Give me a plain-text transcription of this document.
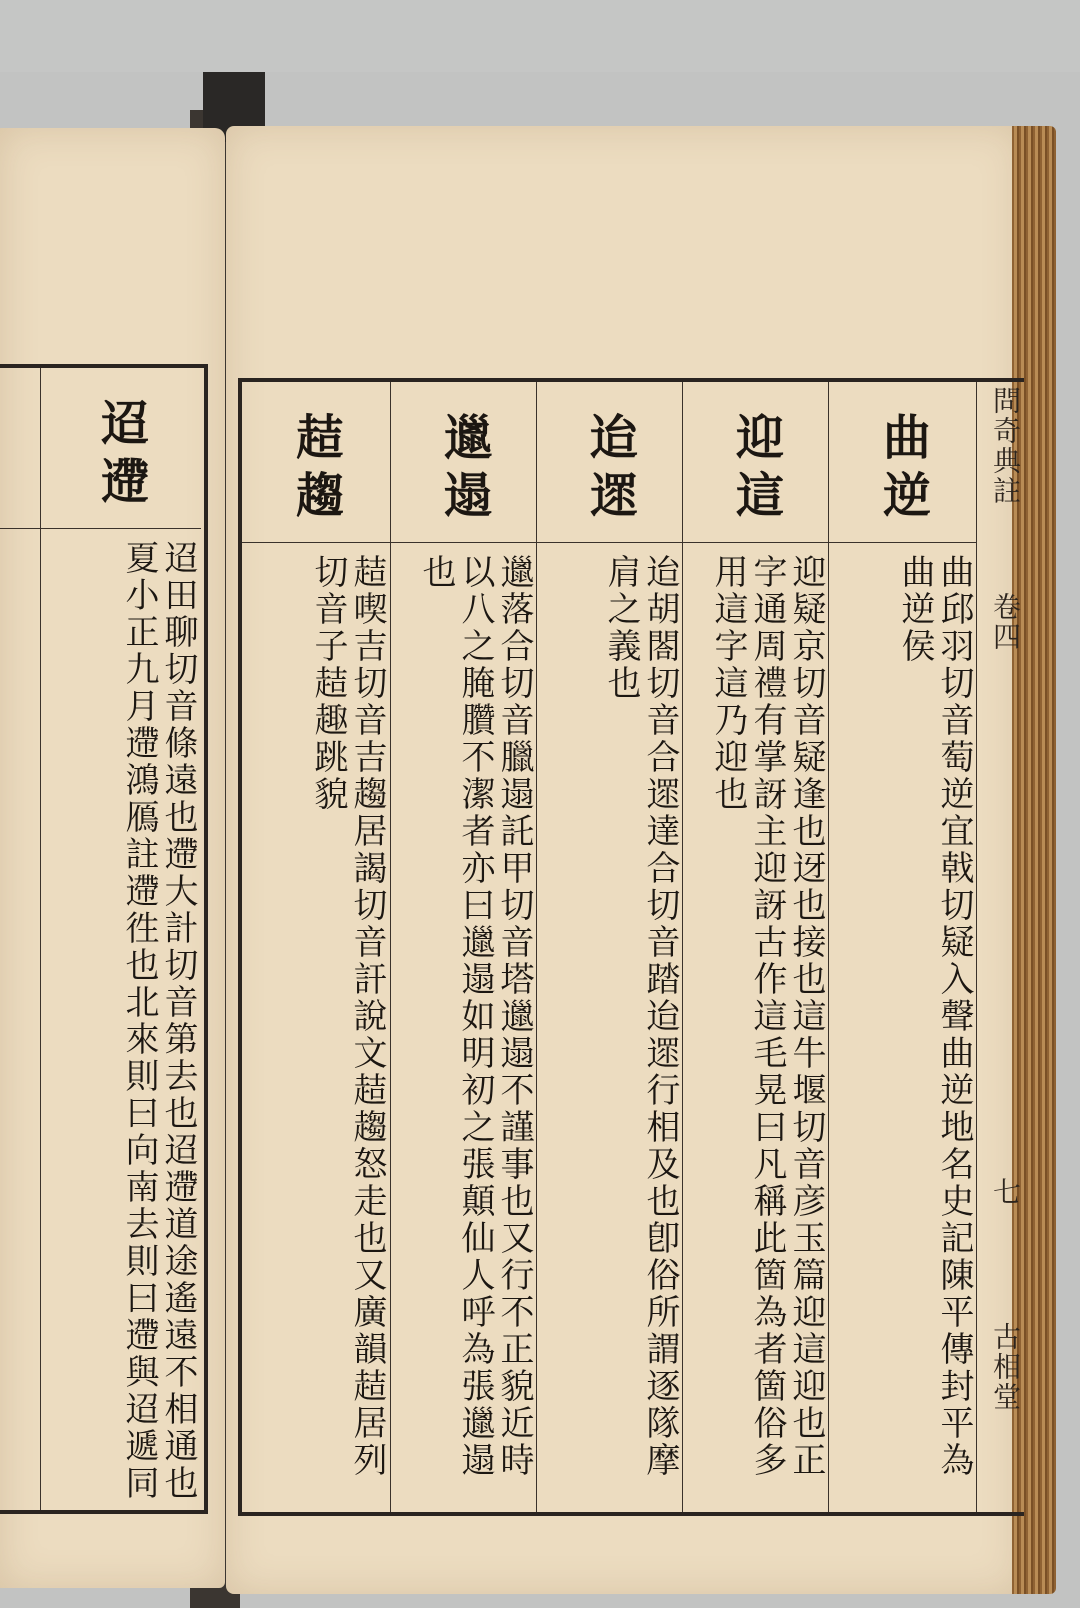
迢遰
迢田聊切音條遠也遰大計切音第去也迢遰道途遙遠不相通也夏小正九月遰鴻鴈註遰徃也北來則曰向南去則曰遰與迢遞同
趌趨
趌喫吉切音吉趨居謁切音訐說文趌趨怒走也又廣韻趌居列切音子趌趣跳貌
邋遢
邋落合切音臘遢託甲切音塔邋遢不謹事也又行不正貌近時以八之腌臢不潔者亦曰邋遢如明初之張顛仙人呼為張邋遢也
迨遝
迨胡閤切音合遝達合切音踏迨遝行相及也卽俗所謂逐隊摩肩之義也
迎這
迎疑京切音疑逢也迓也接也這牛堰切音彦玉篇迎這迎也正字通周禮有掌訝主迎訝古作這毛晃曰凡稱此箇為者箇俗多用這字這乃迎也
曲逆
曲邱羽切音萄逆宜戟切疑入聲曲逆地名史記陳平傳封平為曲逆侯
問奇典註
卷四
七
古相堂
